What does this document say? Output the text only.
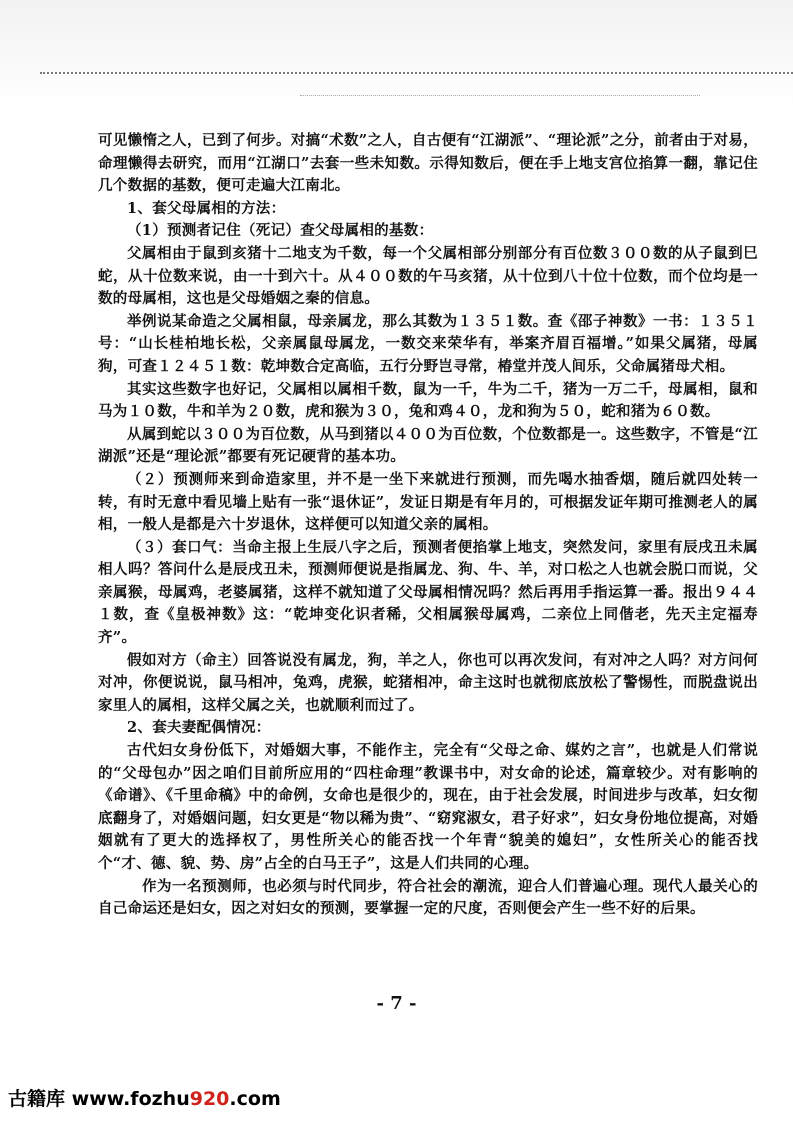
可见懒惰之人，已到了何步。对搞“术数”之人，自古便有“江湖派”、“理论派”之分，前者由于对易，命理懒得去研究，而用“江湖口”去套一些未知数。示得知数后，便在手上地支宫位掐算一翻，靠记住几个数据的基数，便可走遍大江南北。

1、套父母属相的方法：

（1）预测者记住（死记）查父母属相的基数：

父属相由于鼠到亥猪十二地支为千数，每一个父属相部分别部分有百位数３００数的从子鼠到巳蛇，从十位数来说，由一十到六十。从４００数的午马亥猪，从十位到八十位十位数，而个位均是一数的母属相，这也是父母婚姻之秦的信息。

举例说某命造之父属相鼠，母亲属龙，那么其数为１３５１数。查《邵子神数》一书：１３５１号：“山长桂柏地长松，父亲属鼠母属龙，一数交来荣华有，举案齐眉百福增。”如果父属猪，母属狗，可查１２４５１数：乾坤数合定高临，五行分野岂寻常，椿堂并茂人间乐，父命属猪母犬相。

其实这些数字也好记，父属相以属相千数，鼠为一千，牛为二千，猪为一万二千，母属相，鼠和马为１０数，牛和羊为２０数，虎和猴为３０，兔和鸡４０，龙和狗为５０，蛇和猪为６０数。

从属到蛇以３００为百位数，从马到猪以４００为百位数，个位数都是一。这些数字，不管是“江湖派”还是“理论派”都要有死记硬背的基本功。

（２）预测师来到命造家里，并不是一坐下来就进行预测，而先喝水抽香烟，随后就四处转一转，有时无意中看见墙上贴有一张“退休证”，发证日期是有年月的，可根据发证年期可推测老人的属相，一般人是都是六十岁退休，这样便可以知道父亲的属相。

（３）套口气：当命主报上生辰八字之后，预测者便掐掌上地支，突然发问，家里有辰戌丑未属相人吗？答问什么是辰戌丑未，预测师便说是指属龙、狗、牛、羊，对口松之人也就会脱口而说，父亲属猴，母属鸡，老婆属猪，这样不就知道了父母属相情况吗？然后再用手指运算一番。报出９４４１数，查《皇极神数》这：“乾坤变化识者稀，父相属猴母属鸡，二亲位上同偕老，先天主定福寿齐”。

假如对方（命主）回答说没有属龙，狗，羊之人，你也可以再次发问，有对冲之人吗？对方问何对冲，你便说说，鼠马相冲，兔鸡，虎猴，蛇猪相冲，命主这时也就彻底放松了警惕性，而脱盘说出家里人的属相，这样父属之关，也就顺利而过了。

2、套夫妻配偶情况：

古代妇女身份低下，对婚姻大事，不能作主，完全有“父母之命、媒妁之言”，也就是人们常说的“父母包办”因之咱们目前所应用的“四柱命理”教课书中，对女命的论述，篇章较少。对有影响的《命谱》、《千里命稿》中的命例，女命也是很少的，现在，由于社会发展，时间进步与改革，妇女彻底翻身了，对婚姻问题，妇女更是“物以稀为贵”、“窈窕淑女，君子好求”，妇女身份地位提高，对婚姻就有了更大的选择权了，男性所关心的能否找一个年青“貌美的媳妇”，女性所关心的能否找个“才、德、貌、势、房”占全的白马王子”，这是人们共同的心理。

作为一名预测师，也必须与时代同步，符合社会的潮流，迎合人们普遍心理。现代人最关心的自己命运还是妇女，因之对妇女的预测，要掌握一定的尺度，否则便会产生一些不好的后果。

- 7 -
古籍库 www.fozhu920.com
